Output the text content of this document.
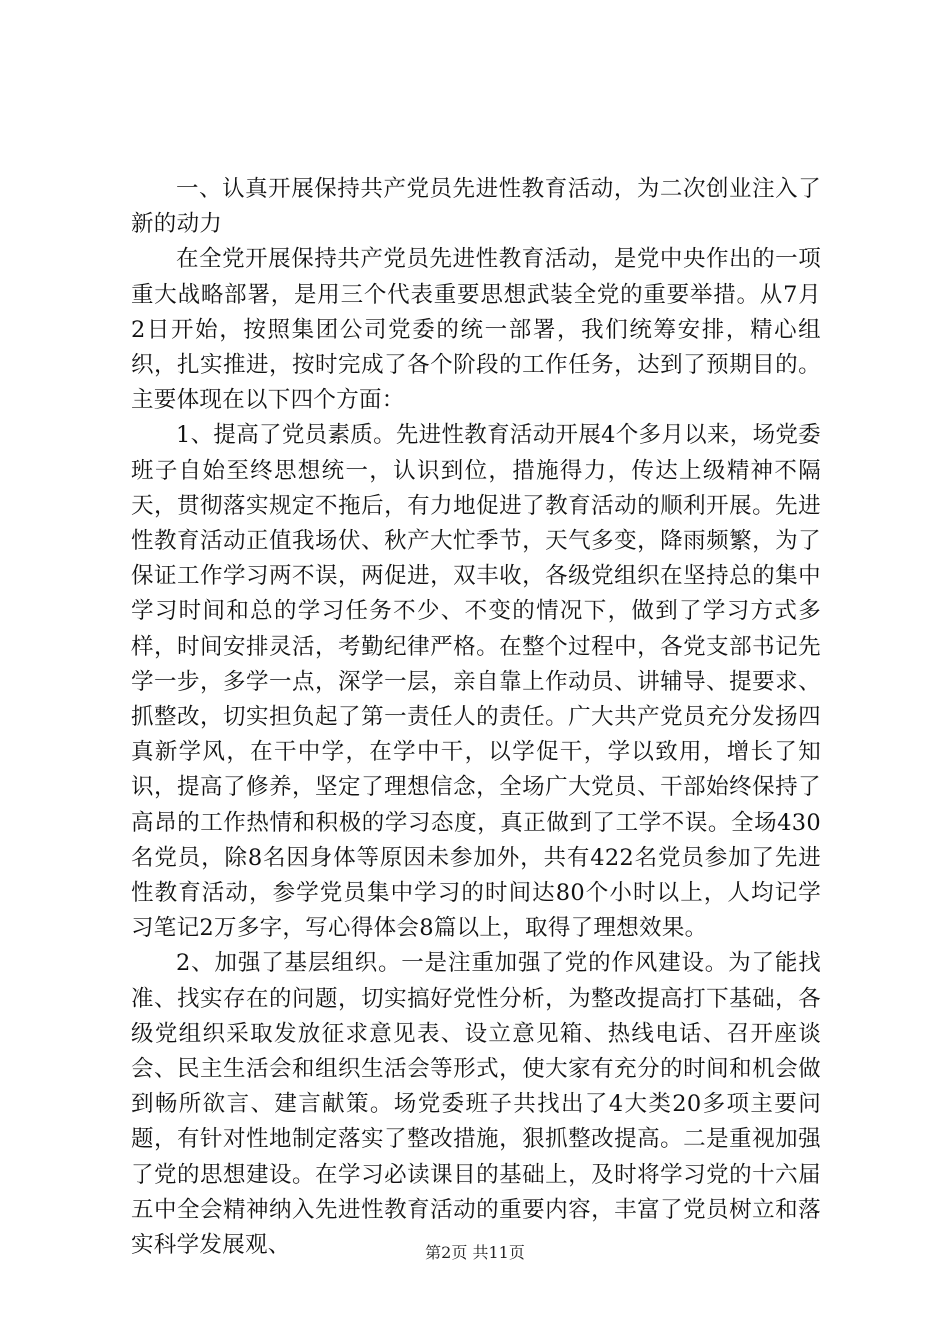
一、认真开展保持共产党员先进性教育活动，为二次创业注入了新的动力

在全党开展保持共产党员先进性教育活动，是党中央作出的一项重大战略部署，是用三个代表重要思想武装全党的重要举措。从7月2日开始，按照集团公司党委的统一部署，我们统筹安排，精心组织，扎实推进，按时完成了各个阶段的工作任务，达到了预期目的。主要体现在以下四个方面：

1、提高了党员素质。先进性教育活动开展4个多月以来，场党委班子自始至终思想统一，认识到位，措施得力，传达上级精神不隔天，贯彻落实规定不拖后，有力地促进了教育活动的顺利开展。先进性教育活动正值我场伏、秋产大忙季节，天气多变，降雨频繁，为了保证工作学习两不误，两促进，双丰收，各级党组织在坚持总的集中学习时间和总的学习任务不少、不变的情况下，做到了学习方式多样，时间安排灵活，考勤纪律严格。在整个过程中，各党支部书记先学一步，多学一点，深学一层，亲自靠上作动员、讲辅导、提要求、抓整改，切实担负起了第一责任人的责任。广大共产党员充分发扬四真新学风，在干中学，在学中干，以学促干，学以致用，增长了知识，提高了修养，坚定了理想信念，全场广大党员、干部始终保持了高昂的工作热情和积极的学习态度，真正做到了工学不误。全场430名党员，除8名因身体等原因未参加外，共有422名党员参加了先进性教育活动，参学党员集中学习的时间达80个小时以上，人均记学习笔记2万多字，写心得体会8篇以上，取得了理想效果。

2、加强了基层组织。一是注重加强了党的作风建设。为了能找准、找实存在的问题，切实搞好党性分析，为整改提高打下基础，各级党组织采取发放征求意见表、设立意见箱、热线电话、召开座谈会、民主生活会和组织生活会等形式，使大家有充分的时间和机会做到畅所欲言、建言献策。场党委班子共找出了4大类20多项主要问题，有针对性地制定落实了整改措施，狠抓整改提高。二是重视加强了党的思想建设。在学习必读课目的基础上，及时将学习党的十六届五中全会精神纳入先进性教育活动的重要内容，丰富了党员树立和落实科学发展观、	第2页 共11页
